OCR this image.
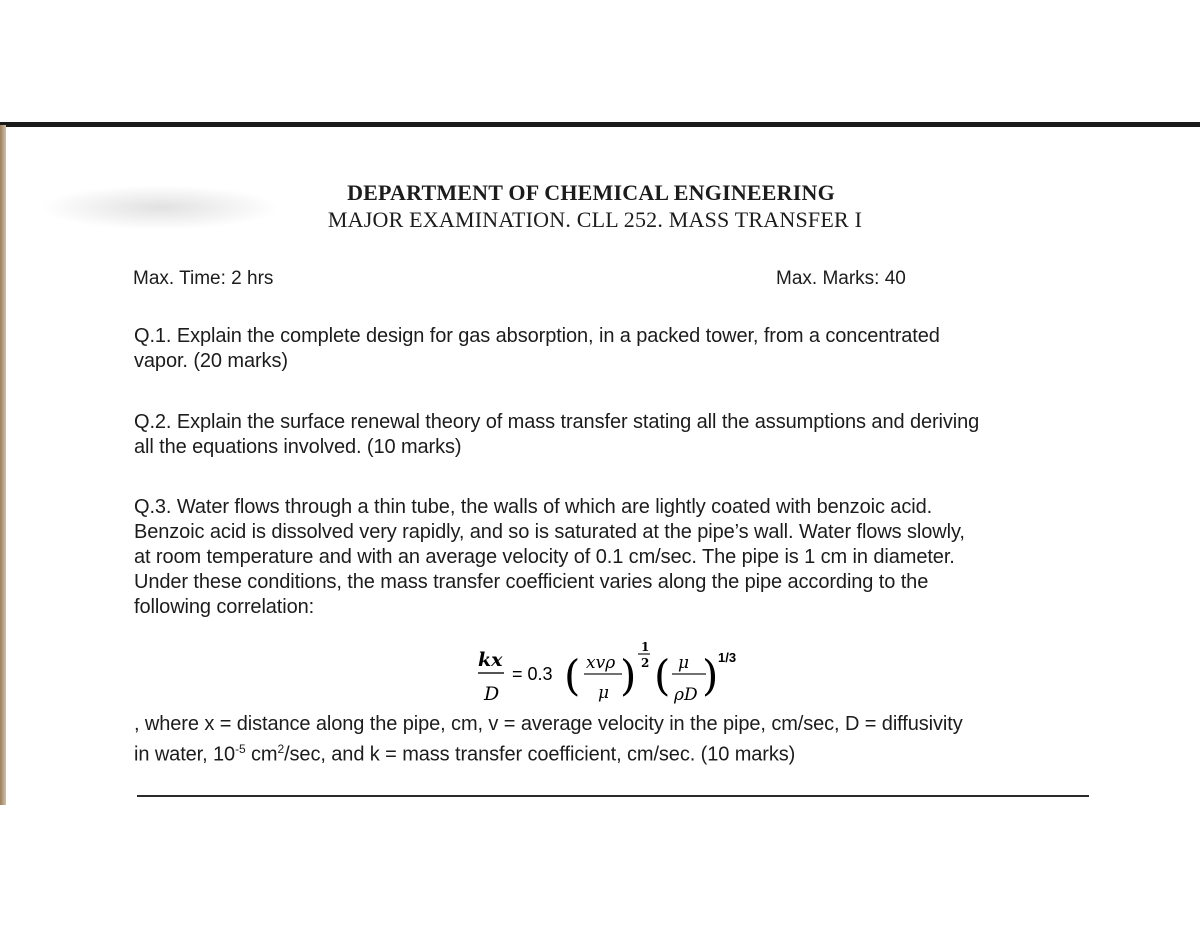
DEPARTMENT OF CHEMICAL ENGINEERING
MAJOR EXAMINATION. CLL 252. MASS TRANSFER I
Max. Time: 2 hrs	Max. Marks: 40
Q.1. Explain the complete design for gas absorption, in a packed tower, from a concentrated
vapor. (20 marks)
Q.2. Explain the surface renewal theory of mass transfer stating all the assumptions and deriving
all the equations involved. (10 marks)
Q.3. Water flows through a thin tube, the walls of which are lightly coated with benzoic acid.
Benzoic acid is dissolved very rapidly, and so is saturated at the pipe’s wall. Water flows slowly,
at room temperature and with an average velocity of 0.1 cm/sec. The pipe is 1 cm in diameter.
Under these conditions, the mass transfer coefficient varies along the pipe according to the
following correlation:
kx
D
= 0.3 ( xvρ
μ )
1
2 ( μ
ρD ) 1/3
, where x = distance along the pipe, cm, v = average velocity in the pipe, cm/sec, D = diffusivity
in water, $10^{-5}$ $cm^2/\sec$, and k = mass transfer coefficient, cm/sec. (10 marks)
